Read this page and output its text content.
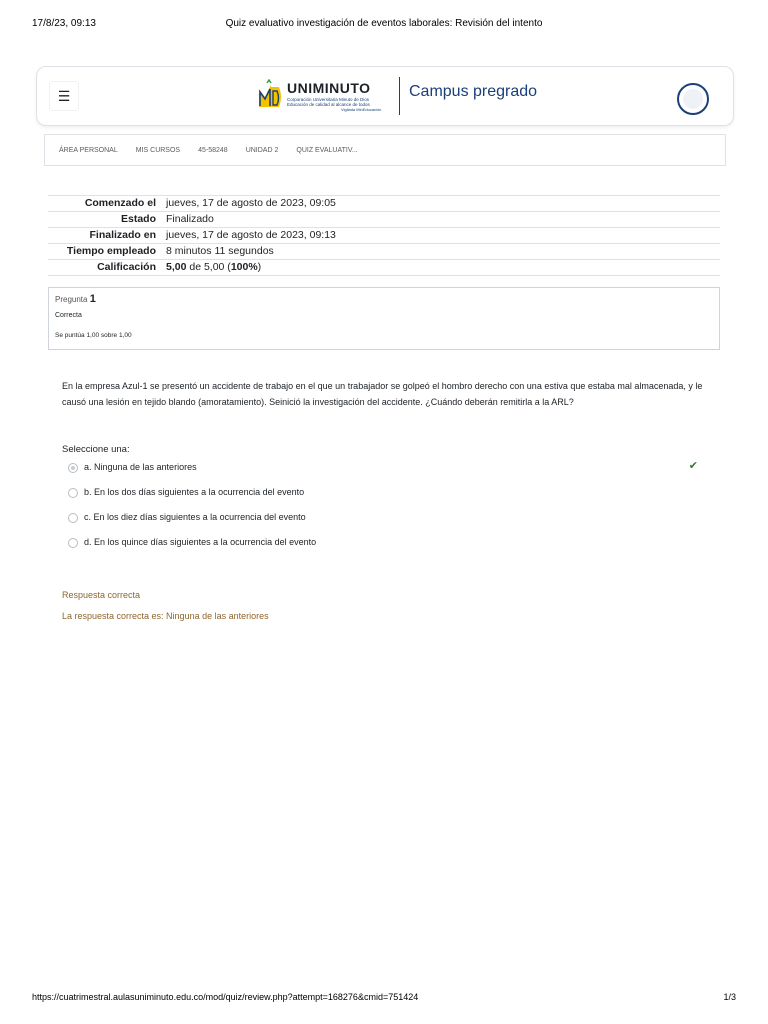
17/8/23, 09:13	Quiz evaluativo investigación de eventos laborales: Revisión del intento
☰	UNIMINUTO
Corporación Universitaria Minuto de Dios
Educación de calidad al alcance de todos
Vigilada MinEducación
Campus pregrado
ÁREA PERSONAL	MIS CURSOS	45-58248	UNIDAD 2	QUIZ EVALUATIV...
Comenzado el	jueves, 17 de agosto de 2023, 09:05
Estado	Finalizado
Finalizado en	jueves, 17 de agosto de 2023, 09:13
Tiempo empleado	8 minutos 11 segundos
Calificación	5,00 de 5,00 (100%)
Pregunta 1
Correcta
Se puntúa 1,00 sobre 1,00
En la empresa Azul-1 se presentó un accidente de trabajo en el que un trabajador se golpeó el hombro derecho con una estiva que estaba mal almacenada, y le causó una lesión en tejido blando (amoratamiento). Seinició la investigación del accidente. ¿Cuándo deberán remitirla a la ARL?
Seleccione una:
a. Ninguna de las anteriores	✔
b. En los dos días siguientes a la ocurrencia del evento
c. En los diez días siguientes a la ocurrencia del evento
d. En los quince días siguientes a la ocurrencia del evento
Respuesta correcta
La respuesta correcta es: Ninguna de las anteriores
https://cuatrimestral.aulasuniminuto.edu.co/mod/quiz/review.php?attempt=168276&cmid=751424	1/3
